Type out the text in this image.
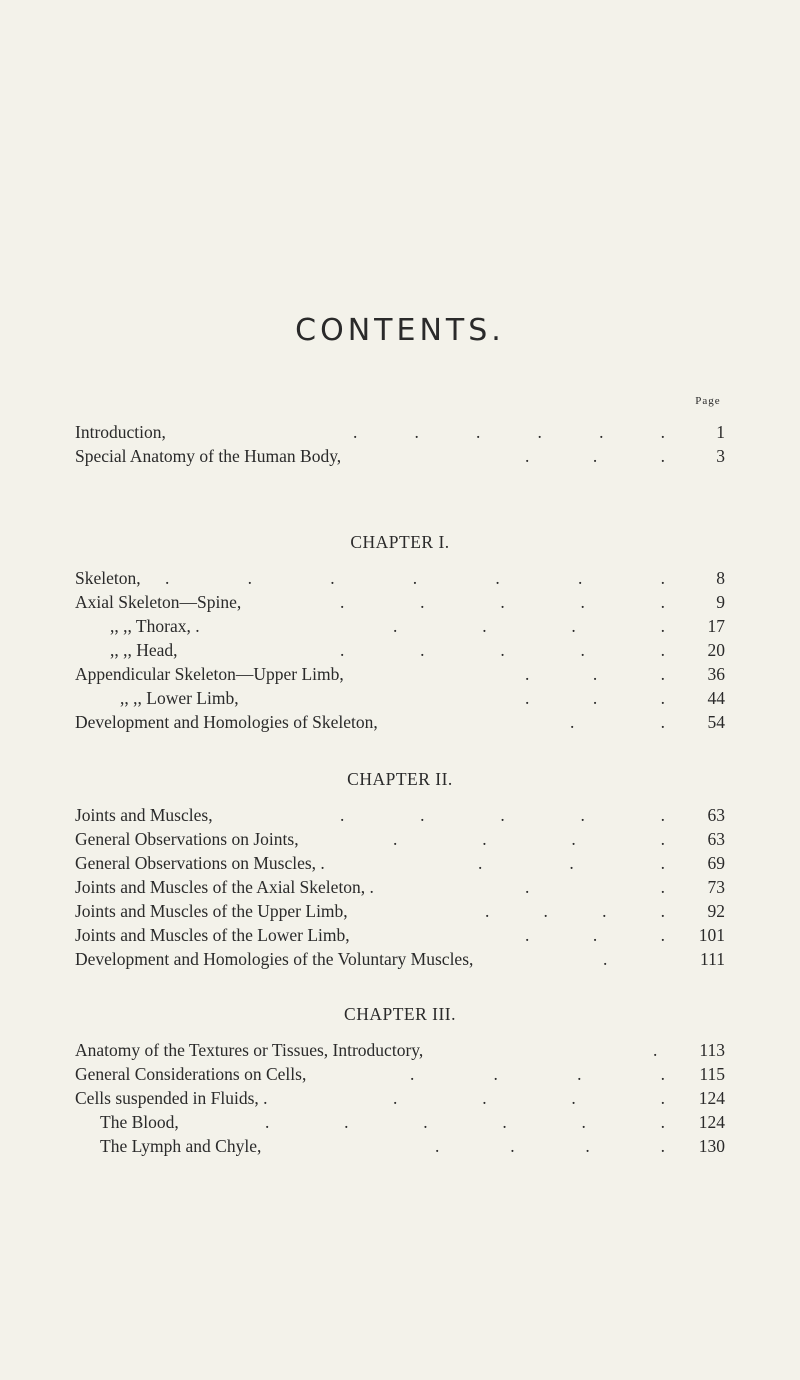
CONTENTS.
Page
Introduction,	.	.	.	.	.	.	1
Special Anatomy of the Human Body,	.	.	.	3
CHAPTER I.
Skeleton, .	.	.	.	.	.	.	8
Axial Skeleton—Spine,	.	.	.	.	.	9
,, ,, Thorax, .	.	.	.	.	17
,, ,, Head,	.	.	.	.	.	20
Appendicular Skeleton—Upper Limb,	.	.	.	36
,, ,, Lower Limb,	.	.	.	44
Development and Homologies of Skeleton,	.	.	54
CHAPTER II.
Joints and Muscles,	.	.	.	.	.	63
General Observations on Joints,	.	.	.	.	63
General Observations on Muscles, .	.	.	.	69
Joints and Muscles of the Axial Skeleton, .	.	.	73
Joints and Muscles of the Upper Limb,	.	.	.	.	92
Joints and Muscles of the Lower Limb,	.	.	.	101
Development and Homologies of the Voluntary Muscles,	.	111
CHAPTER III.
Anatomy of the Textures or Tissues, Introductory,	.	113
General Considerations on Cells,	.	.	.	.	115
Cells suspended in Fluids, .	.	.	.	.	124
The Blood,	.	.	.	.	.	.	124
The Lymph and Chyle,	.	.	.	.	130
